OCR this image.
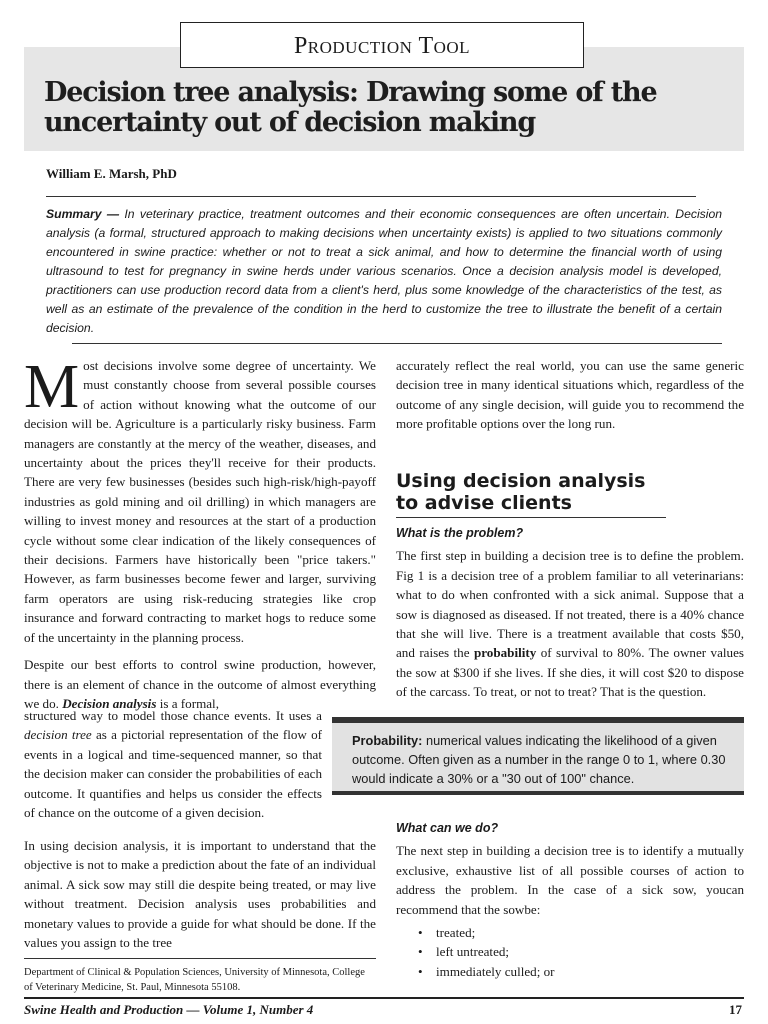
Production Tool
Decision tree analysis: Drawing some of the uncertainty out of decision making
William E. Marsh, PhD
Summary — In veterinary practice, treatment outcomes and their economic consequences are often uncertain. Decision analysis (a formal, structured approach to making decisions when uncertainty exists) is applied to two situations commonly encountered in swine practice: whether or not to treat a sick animal, and how to determine the financial worth of using ultrasound to test for pregnancy in swine herds under various scenarios. Once a decision analysis model is developed, practitioners can use production record data from a client's herd, plus some knowledge of the characteristics of the test, as well as an estimate of the prevalence of the condition in the herd to customize the tree to illustrate the benefit of a certain decision.

Most decisions involve some degree of uncertainty. We must constantly choose from several possible courses of action without knowing what the outcome of our decision will be. Agriculture is a particularly risky business. Farm managers are constantly at the mercy of the weather, diseases, and uncertainty about the prices they'll receive for their products. There are very few businesses (besides such high-risk/high-payoff industries as gold mining and oil drilling) in which managers are willing to invest money and resources at the start of a production cycle without some clear indication of the likely consequences of their decisions. Farmers have historically been "price takers." However, as farm businesses become fewer and larger, surviving farm operators are using risk-reducing strategies like crop insurance and forward contracting to market hogs to reduce some of the uncertainty in the planning process.

Despite our best efforts to control swine production, however, there is an element of chance in the outcome of almost everything we do. Decision analysis is a formal,

structured way to model those chance events. It uses a decision tree as a pictorial representation of the flow of events in a logical and time-sequenced manner, so that the decision maker can consider the probabilities of each outcome. It quantifies and helps us consider the effects of chance on the outcome of a given decision.

In using decision analysis, it is important to understand that the objective is not to make a prediction about the fate of an individual animal. A sick sow may still die despite being treated, or may live without treatment. Decision analysis uses probabilities and monetary values to provide a guide for what should be done. If the values you assign to the tree

accurately reflect the real world, you can use the same generic decision tree in many identical situations which, regardless of the outcome of any single decision, will guide you to recommend the more profitable options over the long run.

Using decision analysis to advise clients
What is the problem?

The first step in building a decision tree is to define the problem. Fig 1 is a decision tree of a problem familiar to all veterinarians: what to do when confronted with a sick animal. Suppose that a sow is diagnosed as diseased. If not treated, there is a 40% chance that she will live. There is a treatment available that costs $50, and raises the probability of survival to 80%. The owner values the sow at $300 if she lives. If she dies, it will cost $20 to dispose of the carcass. To treat, or not to treat? That is the question.

Probability: numerical values indicating the likelihood of a given outcome. Often given as a number in the range 0 to 1, where 0.30 would indicate a 30% or a "30 out of 100" chance.
What can we do?

The next step in building a decision tree is to identify a mutually exclusive, exhaustive list of all possible courses of action to address the problem. In the case of a sick sow, youcan recommend that the sowbe:

• treated;
• left untreated;
• immediately culled; or
Department of Clinical & Population Sciences, University of Minnesota, College of Veterinary Medicine, St. Paul, Minnesota 55108.
Swine Health and Production — Volume 1, Number 4	17
